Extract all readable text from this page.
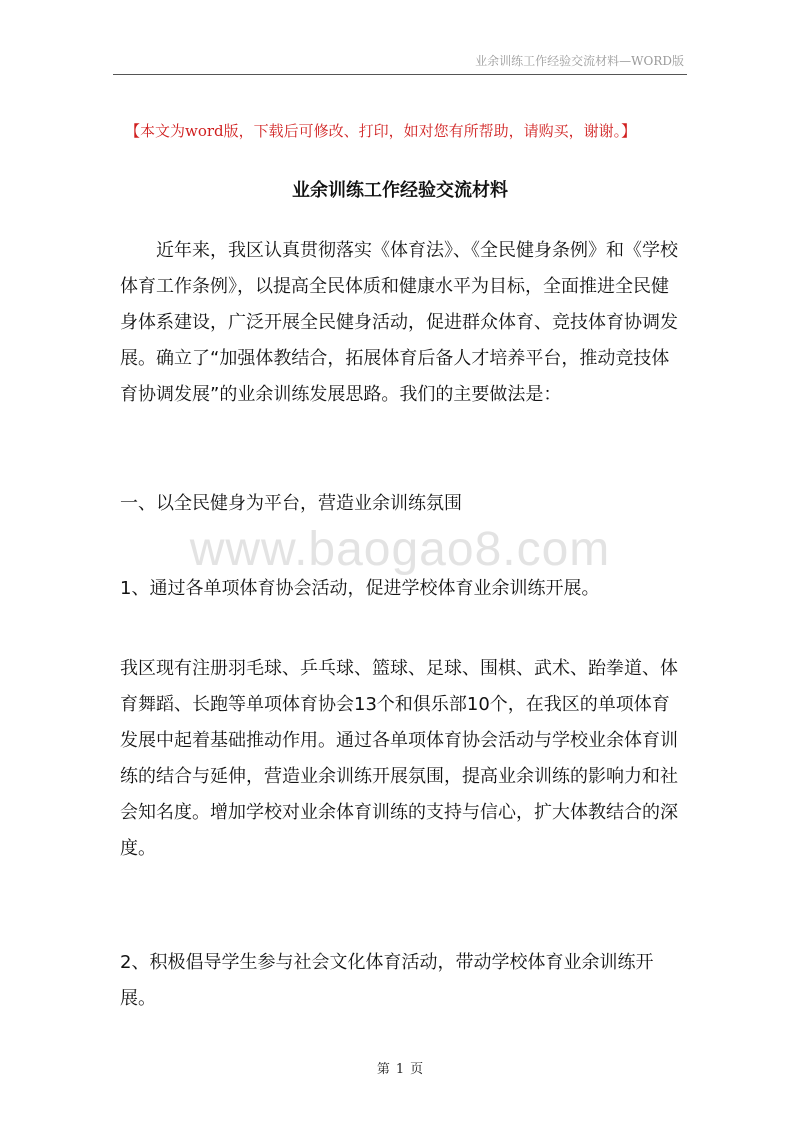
业余训练工作经验交流材料—WORD版
【本文为word版，下载后可修改、打印，如对您有所帮助，请购买，谢谢。】
业余训练工作经验交流材料
近年来，我区认真贯彻落实《体育法》、《全民健身条例》和《学校体育工作条例》，以提高全民体质和健康水平为目标，全面推进全民健身体系建设，广泛开展全民健身活动，促进群众体育、竞技体育协调发展。确立了“加强体教结合，拓展体育后备人才培养平台，推动竞技体育协调发展”的业余训练发展思路。我们的主要做法是：
一、以全民健身为平台，营造业余训练氛围
www.baogao8.com
1、通过各单项体育协会活动，促进学校体育业余训练开展。
我区现有注册羽毛球、乒乓球、篮球、足球、围棋、武术、跆拳道、体育舞蹈、长跑等单项体育协会13个和俱乐部10个，在我区的单项体育发展中起着基础推动作用。通过各单项体育协会活动与学校业余体育训练的结合与延伸，营造业余训练开展氛围，提高业余训练的影响力和社会知名度。增加学校对业余体育训练的支持与信心，扩大体教结合的深度。
2、积极倡导学生参与社会文化体育活动，带动学校体育业余训练开展。
第 1 页
